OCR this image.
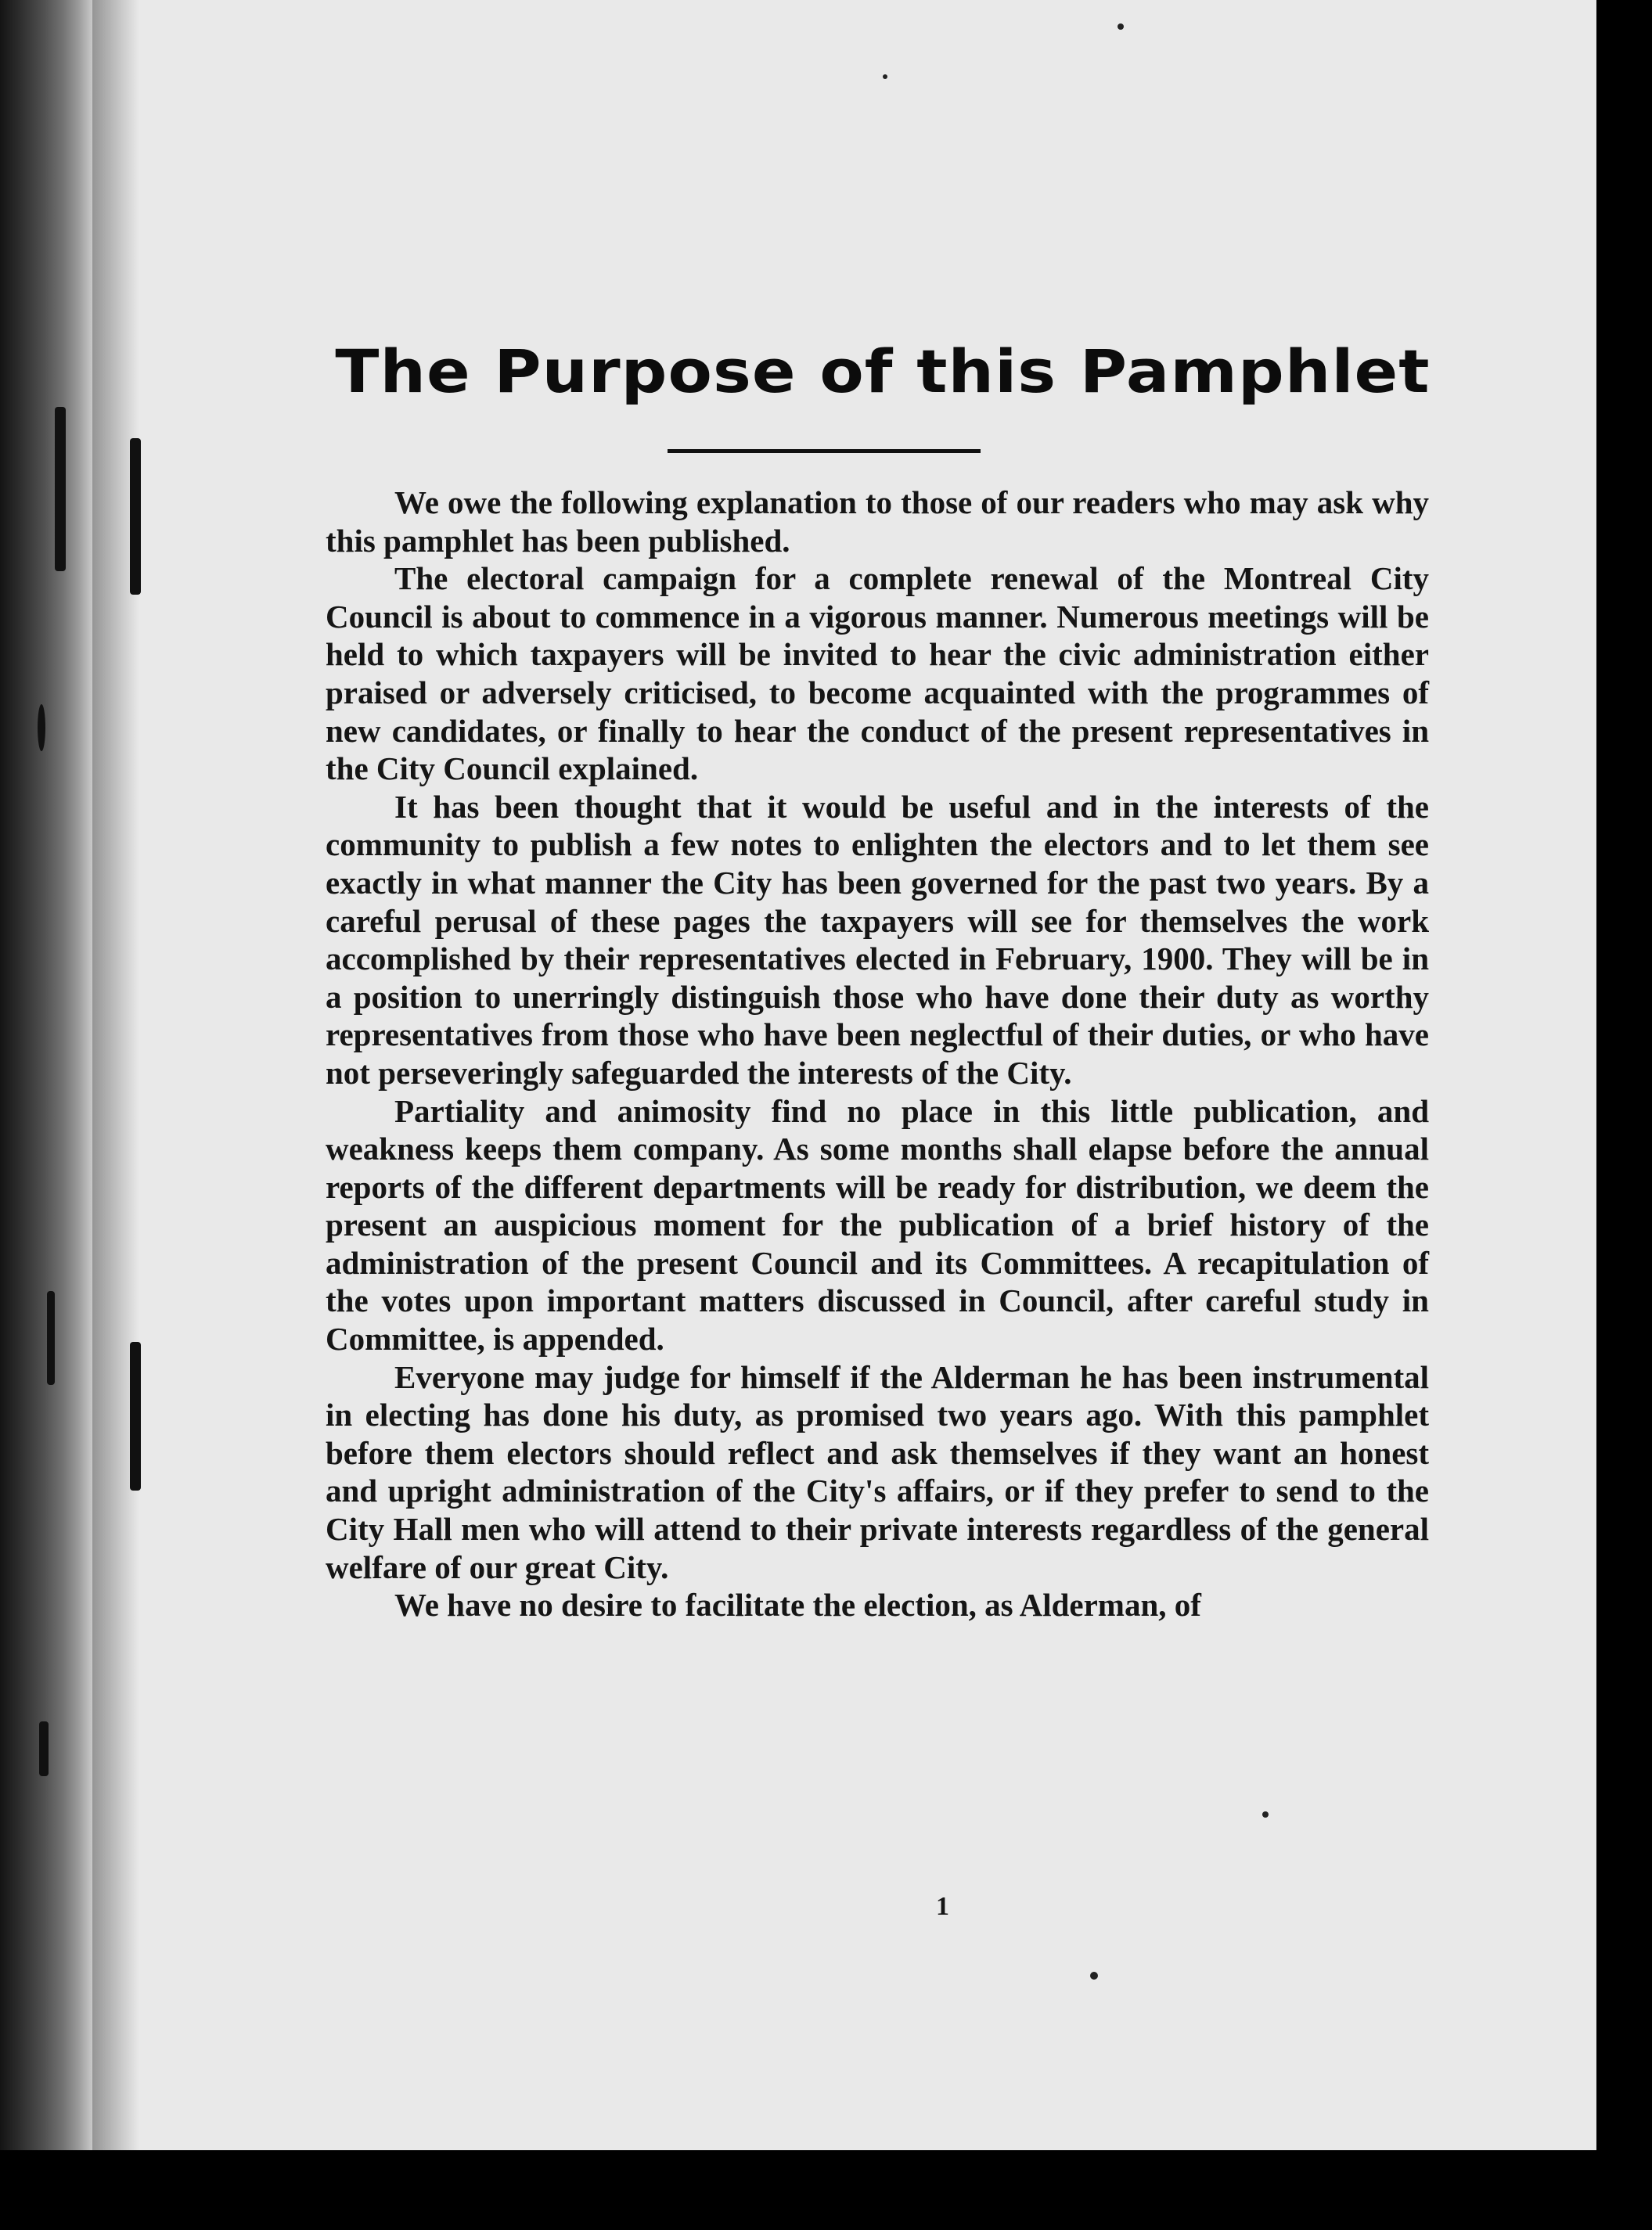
The Purpose of this Pamphlet

We owe the following explanation to those of our readers who may ask why this pamphlet has been published.

The electoral campaign for a complete renewal of the Montreal City Council is about to commence in a vigorous manner. Numerous meetings will be held to which taxpayers will be invited to hear the civic administration either praised or adversely criticised, to become acquainted with the programmes of new candidates, or finally to hear the conduct of the present representatives in the City Council explained.

It has been thought that it would be useful and in the interests of the community to publish a few notes to enlighten the electors and to let them see exactly in what manner the City has been governed for the past two years. By a careful perusal of these pages the taxpayers will see for themselves the work accomplished by their representatives elected in February, 1900. They will be in a position to unerringly distinguish those who have done their duty as worthy representatives from those who have been neglectful of their duties, or who have not perseveringly safeguarded the interests of the City.

Partiality and animosity find no place in this little publication, and weakness keeps them company. As some months shall elapse before the annual reports of the different departments will be ready for distribution, we deem the present an auspicious moment for the publication of a brief history of the administration of the present Council and its Committees. A recapitulation of the votes upon important matters discussed in Council, after careful study in Committee, is appended.

Everyone may judge for himself if the Alderman he has been instrumental in electing has done his duty, as promised two years ago. With this pamphlet before them electors should reflect and ask themselves if they want an honest and upright administration of the City's affairs, or if they prefer to send to the City Hall men who will attend to their private interests regardless of the general welfare of our great City.

We have no desire to facilitate the election, as Alderman, of

1
